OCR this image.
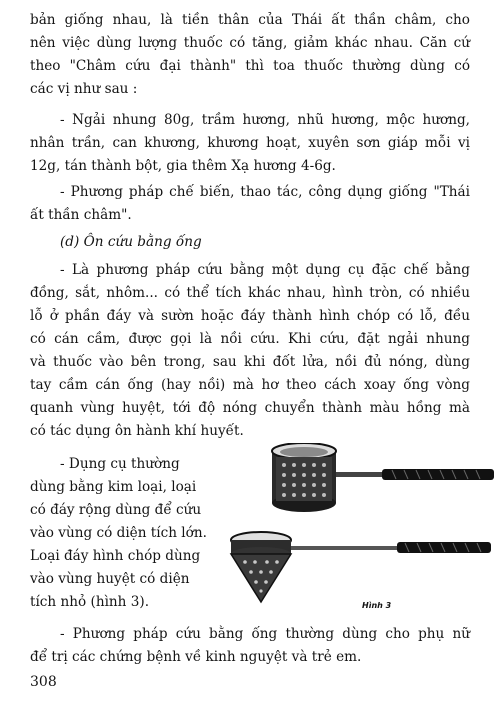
bản giống nhau, là tiền thân của Thái ất thần châm, cho
nên việc dùng lượng thuốc có tăng, giảm khác nhau. Căn cứ
theo "Châm cứu đại thành" thì toa thuốc thường dùng có
các vị như sau :
- Ngải nhung 80g, trầm hương, nhũ hương, mộc hương,
nhân trần, can khương, khương hoạt, xuyên sơn giáp mỗi vị
12g, tán thành bột, gia thêm Xạ hương 4-6g.
- Phương pháp chế biến, thao tác, công dụng giống "Thái
ất thần châm".
(d) Ôn cứu bằng ống
- Là phương pháp cứu bằng một dụng cụ đặc chế bằng
đồng, sắt, nhôm... có thể tích khác nhau, hình tròn, có nhiều
lỗ ở phần đáy và sườn hoặc đáy thành hình chóp có lỗ, đều
có cán cầm, được gọi là nồi cứu. Khi cứu, đặt ngải nhung
và thuốc vào bên trong, sau khi đốt lửa, nồi đủ nóng, dùng
tay cầm cán ống (hay nồi) mà hơ theo cách xoay ống vòng
quanh vùng huyệt, tới độ nóng chuyển thành màu hồng mà
có tác dụng ôn hành khí huyết.
- Dụng cụ thường
dùng bằng kim loại, loại
có đáy rộng dùng để cứu
vào vùng có diện tích lớn.
Loại đáy hình chóp dùng
vào vùng huyệt có diện
tích nhỏ (hình 3).	Hình 3
- Phương pháp cứu bằng ống thường dùng cho phụ nữ
để trị các chứng bệnh về kinh nguyệt và trẻ em.
308
